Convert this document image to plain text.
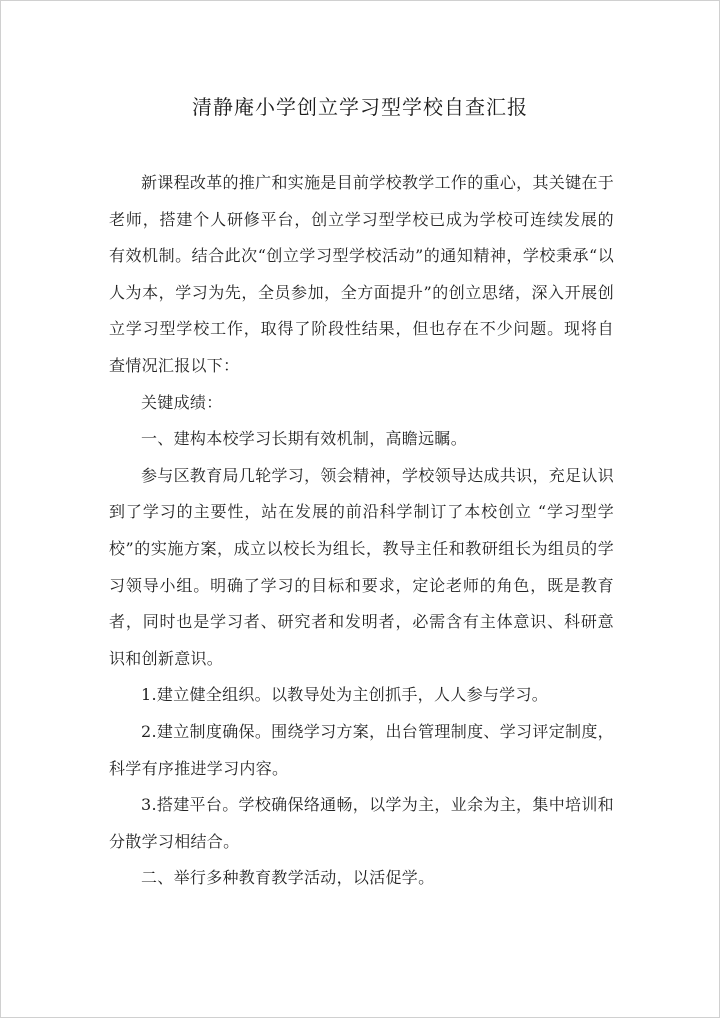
清静庵小学创立学习型学校自查汇报

新课程改革的推广和实施是目前学校教学工作的重心，其关键在于老师，搭建个人研修平台，创立学习型学校已成为学校可连续发展的有效机制。结合此次“创立学习型学校活动”的通知精神，学校秉承“以人为本，学习为先，全员参加，全方面提升”的创立思绪，深入开展创立学习型学校工作，取得了阶段性结果，但也存在不少问题。现将自查情况汇报以下：

关键成绩：

一、建构本校学习长期有效机制，高瞻远瞩。

参与区教育局几轮学习，领会精神，学校领导达成共识，充足认识到了学习的主要性，站在发展的前沿科学制订了本校创立 “学习型学校”的实施方案，成立以校长为组长，教导主任和教研组长为组员的学习领导小组。明确了学习的目标和要求，定论老师的角色，既是教育者，同时也是学习者、研究者和发明者，必需含有主体意识、科研意识和创新意识。

1.建立健全组织。以教导处为主创抓手，人人参与学习。

2.建立制度确保。围绕学习方案，出台管理制度、学习评定制度，科学有序推进学习内容。

3.搭建平台。学校确保络通畅，以学为主，业余为主，集中培训和分散学习相结合。

二、举行多种教育教学活动，以活促学。
